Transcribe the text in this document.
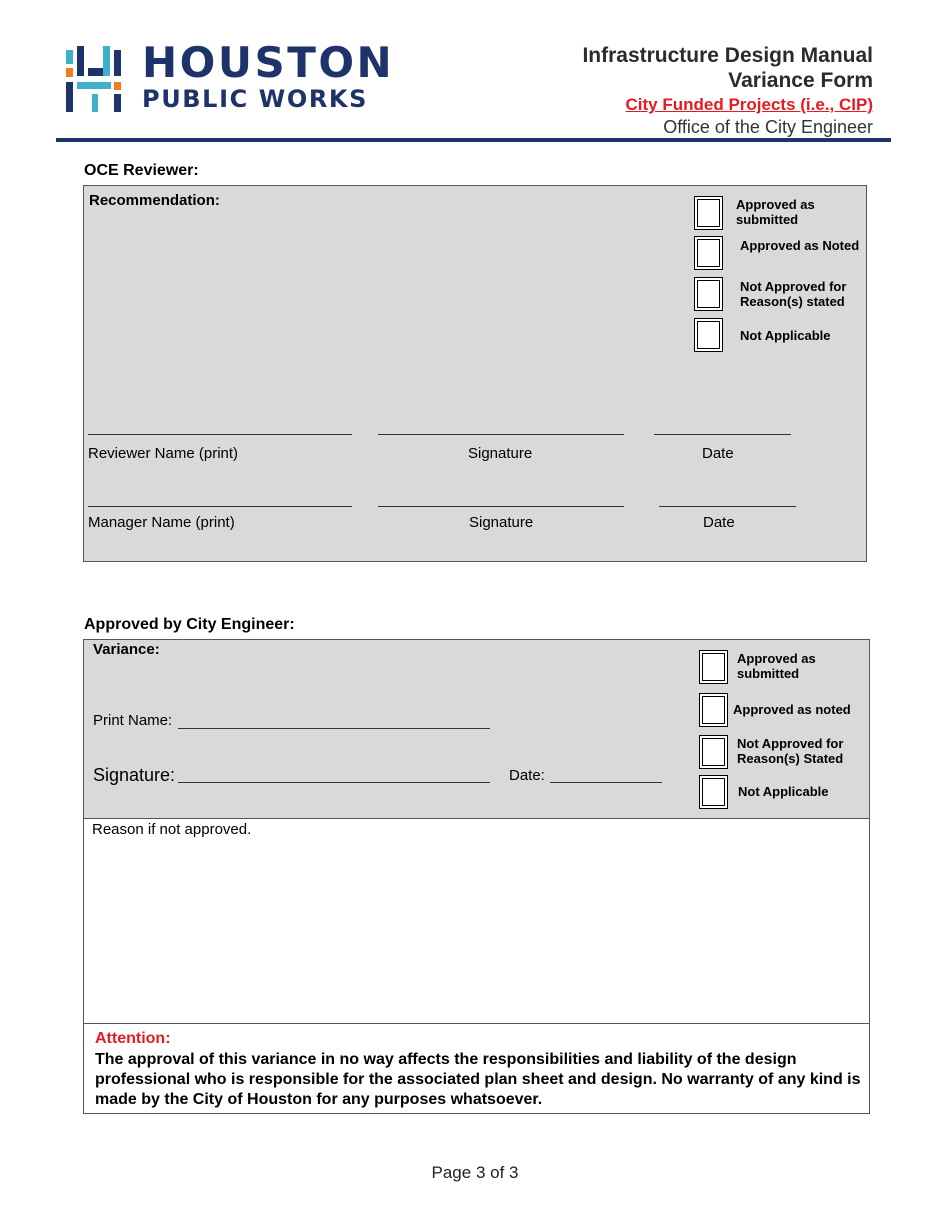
HOUSTON
PUBLIC WORKS
Infrastructure Design Manual
Variance Form
City Funded Projects (i.e., CIP)
Office of the City Engineer
OCE Reviewer:
Recommendation:	Approved as submitted
Approved as Noted
Not Approved for Reason(s) stated
Not Applicable
Reviewer Name (print)	Signature	Date
Manager Name (print)	Signature	Date
Approved by City Engineer:
Variance:
Print Name:
Signature:	Date:
Approved as submitted
Approved as noted
Not Approved for Reason(s) Stated
Not Applicable
Reason if not approved.
Attention:
The approval of this variance in no way affects the responsibilities and liability of the design professional who is responsible for the associated plan sheet and design. No warranty of any kind is made by the City of Houston for any purposes whatsoever.
Page 3 of 3
